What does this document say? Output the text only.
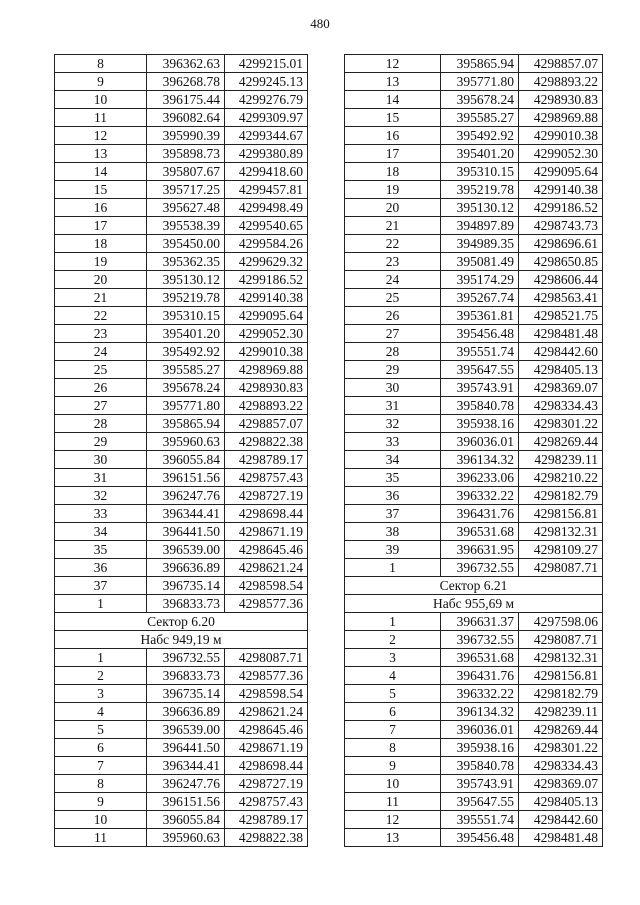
480
8	396362.63	4299215.01
9	396268.78	4299245.13
10	396175.44	4299276.79
11	396082.64	4299309.97
12	395990.39	4299344.67
13	395898.73	4299380.89
14	395807.67	4299418.60
15	395717.25	4299457.81
16	395627.48	4299498.49
17	395538.39	4299540.65
18	395450.00	4299584.26
19	395362.35	4299629.32
20	395130.12	4299186.52
21	395219.78	4299140.38
22	395310.15	4299095.64
23	395401.20	4299052.30
24	395492.92	4299010.38
25	395585.27	4298969.88
26	395678.24	4298930.83
27	395771.80	4298893.22
28	395865.94	4298857.07
29	395960.63	4298822.38
30	396055.84	4298789.17
31	396151.56	4298757.43
32	396247.76	4298727.19
33	396344.41	4298698.44
34	396441.50	4298671.19
35	396539.00	4298645.46
36	396636.89	4298621.24
37	396735.14	4298598.54
1	396833.73	4298577.36
Сектор 6.20		
Набс 949,19 м		
1	396732.55	4298087.71
2	396833.73	4298577.36
3	396735.14	4298598.54
4	396636.89	4298621.24
5	396539.00	4298645.46
6	396441.50	4298671.19
7	396344.41	4298698.44
8	396247.76	4298727.19
9	396151.56	4298757.43
10	396055.84	4298789.17
11	395960.63	4298822.38
12	395865.94	4298857.07
13	395771.80	4298893.22
14	395678.24	4298930.83
15	395585.27	4298969.88
16	395492.92	4299010.38
17	395401.20	4299052.30
18	395310.15	4299095.64
19	395219.78	4299140.38
20	395130.12	4299186.52
21	394897.89	4298743.73
22	394989.35	4298696.61
23	395081.49	4298650.85
24	395174.29	4298606.44
25	395267.74	4298563.41
26	395361.81	4298521.75
27	395456.48	4298481.48
28	395551.74	4298442.60
29	395647.55	4298405.13
30	395743.91	4298369.07
31	395840.78	4298334.43
32	395938.16	4298301.22
33	396036.01	4298269.44
34	396134.32	4298239.11
35	396233.06	4298210.22
36	396332.22	4298182.79
37	396431.76	4298156.81
38	396531.68	4298132.31
39	396631.95	4298109.27
1	396732.55	4298087.71
Сектор 6.21		
Набс 955,69 м		
1	396631.37	4297598.06
2	396732.55	4298087.71
3	396531.68	4298132.31
4	396431.76	4298156.81
5	396332.22	4298182.79
6	396134.32	4298239.11
7	396036.01	4298269.44
8	395938.16	4298301.22
9	395840.78	4298334.43
10	395743.91	4298369.07
11	395647.55	4298405.13
12	395551.74	4298442.60
13	395456.48	4298481.48
